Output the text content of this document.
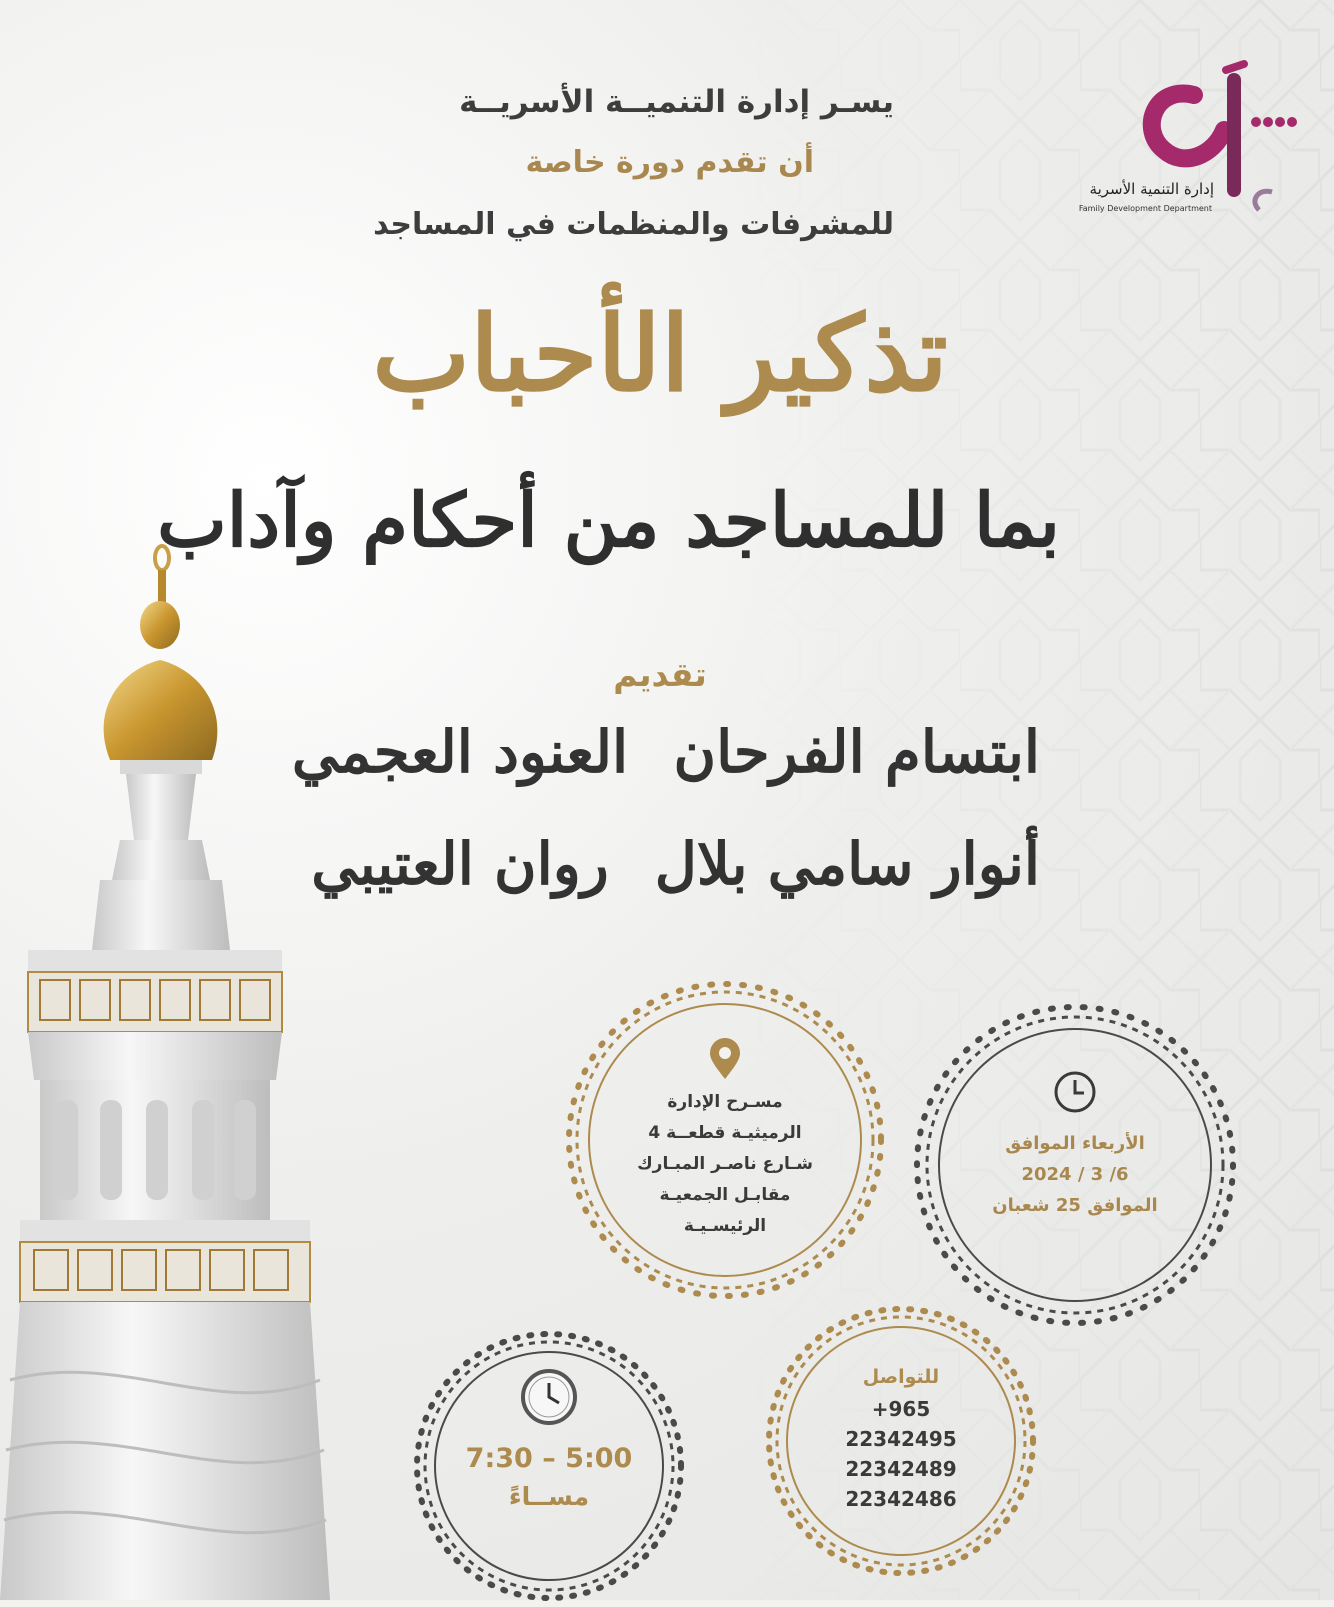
إدارة التنمية الأسرية
Family Development Department
يسـر إدارة التنميــة الأسريــة
أن تقدم دورة خاصة
للمشرفات والمنظمات في المساجد
تذكير الأحباب
بما للمساجد من أحكام وآداب
تقديم
ابتسام الفرحان
العنود العجمي
أنوار سامي بلال
روان العتيبي
الأربعاء الموافق
6/ 3 / 2024
الموافق 25 شعبان
مسـرح الإدارة
الرميثيـة قطعــة 4
شـارع ناصـر المبـارك
مقابـل الجمعيـة
الرئيسـيـة
5:00 – 7:30
مســاءً
للتواصل
+965
22342495
22342489
22342486
